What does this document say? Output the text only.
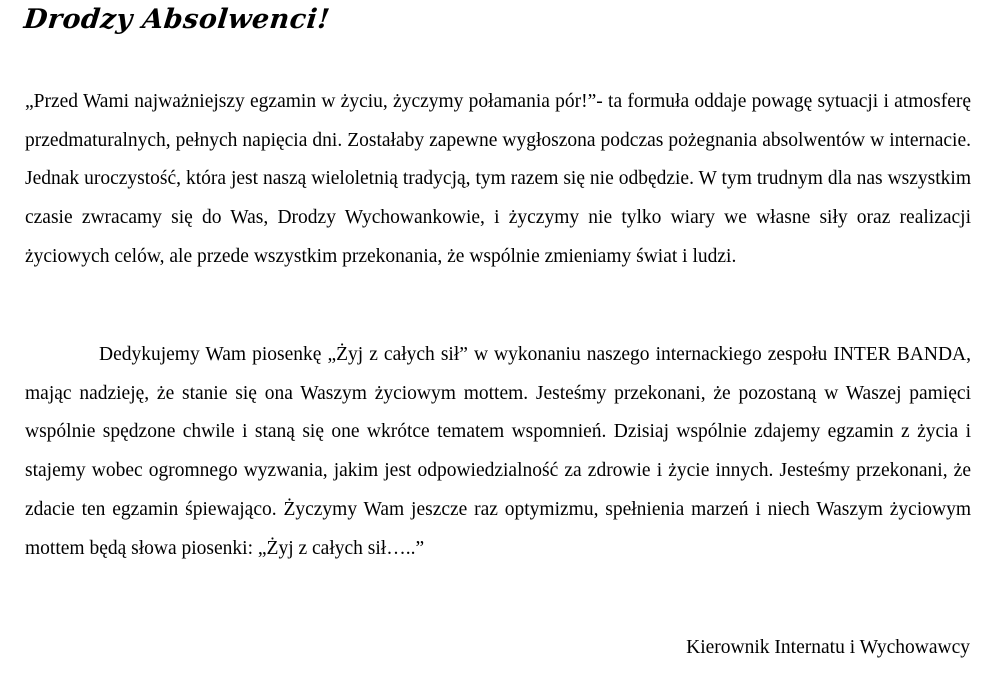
Drodzy Absolwenci!

„Przed Wami najważniejszy egzamin w życiu, życzymy połamania pór!”- ta formuła oddaje powagę sytuacji i atmosferę przedmaturalnych, pełnych napięcia dni. Zostałaby zapewne wygłoszona podczas pożegnania absolwentów w internacie. Jednak uroczystość, która jest naszą wieloletnią tradycją, tym razem się nie odbędzie. W tym trudnym dla nas wszystkim czasie zwracamy się do Was, Drodzy Wychowankowie, i życzymy nie tylko wiary we własne siły oraz realizacji życiowych celów, ale przede wszystkim przekonania, że wspólnie zmieniamy świat i ludzi.

Dedykujemy Wam piosenkę „Żyj z całych sił” w wykonaniu naszego internackiego zespołu INTER BANDA, mając nadzieję, że stanie się ona Waszym życiowym mottem. Jesteśmy przekonani, że pozostaną w Waszej pamięci wspólnie spędzone chwile i staną się one wkrótce tematem wspomnień. Dzisiaj wspólnie zdajemy egzamin z życia i stajemy wobec ogromnego wyzwania, jakim jest odpowiedzialność za zdrowie i życie innych. Jesteśmy przekonani, że zdacie ten egzamin śpiewająco. Życzymy Wam jeszcze raz optymizmu, spełnienia marzeń i niech Waszym życiowym mottem będą słowa piosenki: „Żyj z całych sił…..”

Kierownik Internatu i Wychowawcy
